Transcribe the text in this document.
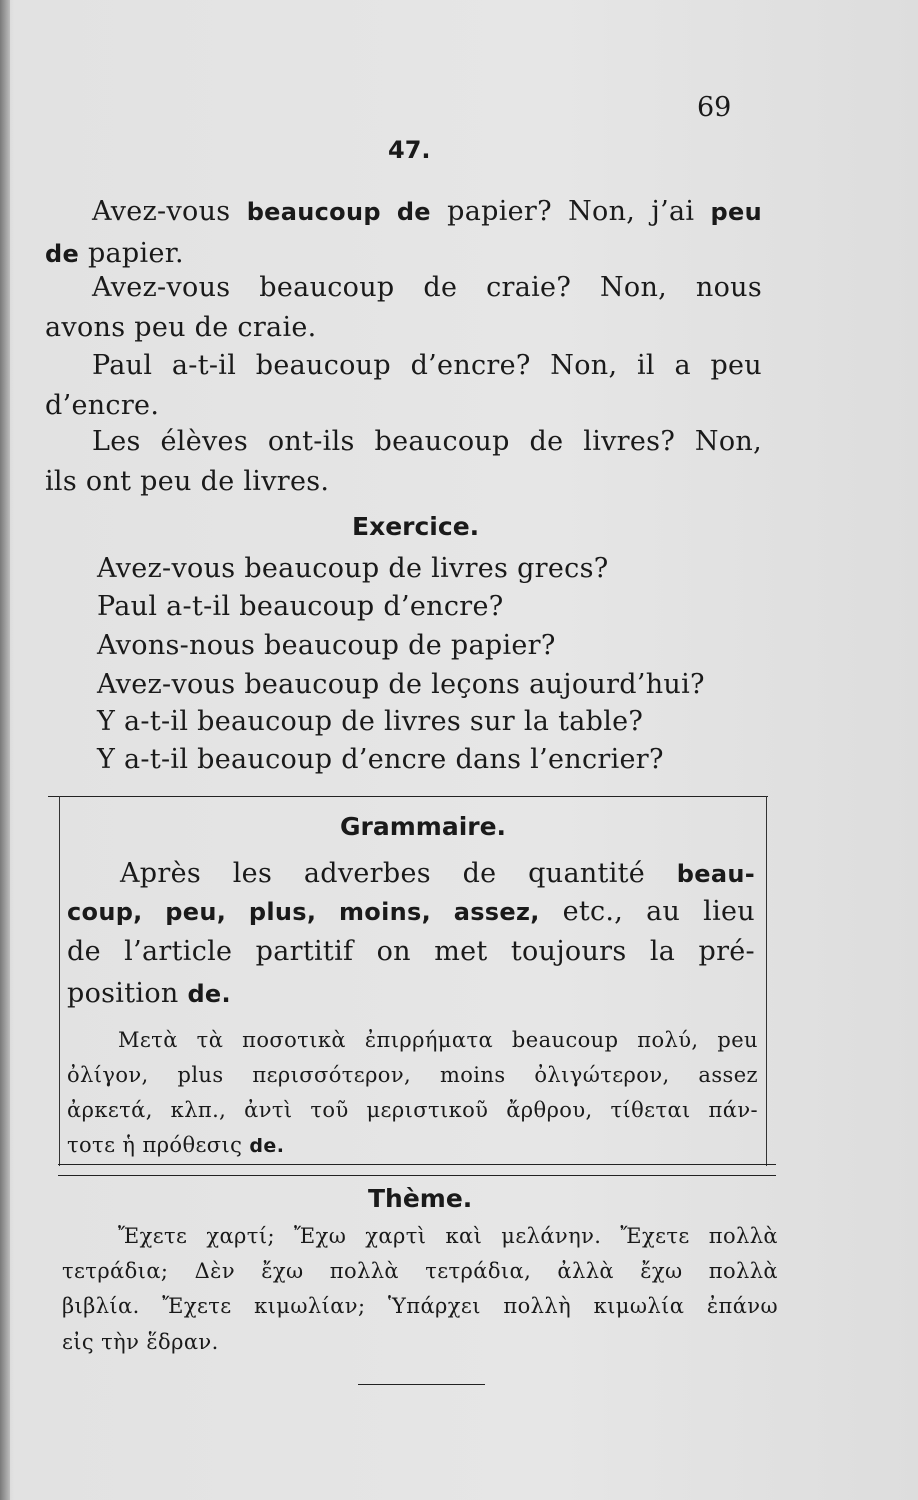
69
47.
Avez-vous beaucoup de papier? Non, j’ai peu
de papier.
Avez-vous beaucoup de craie? Non, nous
avons peu de craie.
Paul a-t-il beaucoup d’encre? Non, il a peu
d’encre.
Les élèves ont-ils beaucoup de livres? Non,
ils ont peu de livres.
Exercice.
Avez-vous beaucoup de livres grecs?
Paul a-t-il beaucoup d’encre?
Avons-nous beaucoup de papier?
Avez-vous beaucoup de leçons aujourd’hui?
Y a-t-il beaucoup de livres sur la table?
Y a-t-il beaucoup d’encre dans l’encrier?
Grammaire.
Après les adverbes de quantité beau-
coup, peu, plus, moins, assez, etc., au lieu
de l’article partitif on met toujours la pré-
position de.
Μετὰ τὰ ποσοτικὰ ἐπιρρήματα beaucoup πολύ, peu
ὀλίγον, plus περισσότερον, moins ὀλιγώτερον, assez
ἀρκετά, κλπ., ἀντὶ τοῦ μεριστικοῦ ἄρθρου, τίθεται πάν-
τοτε ἡ πρόθεσις de.
Thème.
Ἔχετε χαρτί; Ἔχω χαρτὶ καὶ μελάνην. Ἔχετε πολλὰ
τετράδια; Δὲν ἔχω πολλὰ τετράδια, ἀλλὰ ἔχω πολλὰ
βιβλία. Ἔχετε κιμωλίαν; Ὑπάρχει πολλὴ κιμωλία ἐπάνω
εἰς τὴν ἕδραν.
